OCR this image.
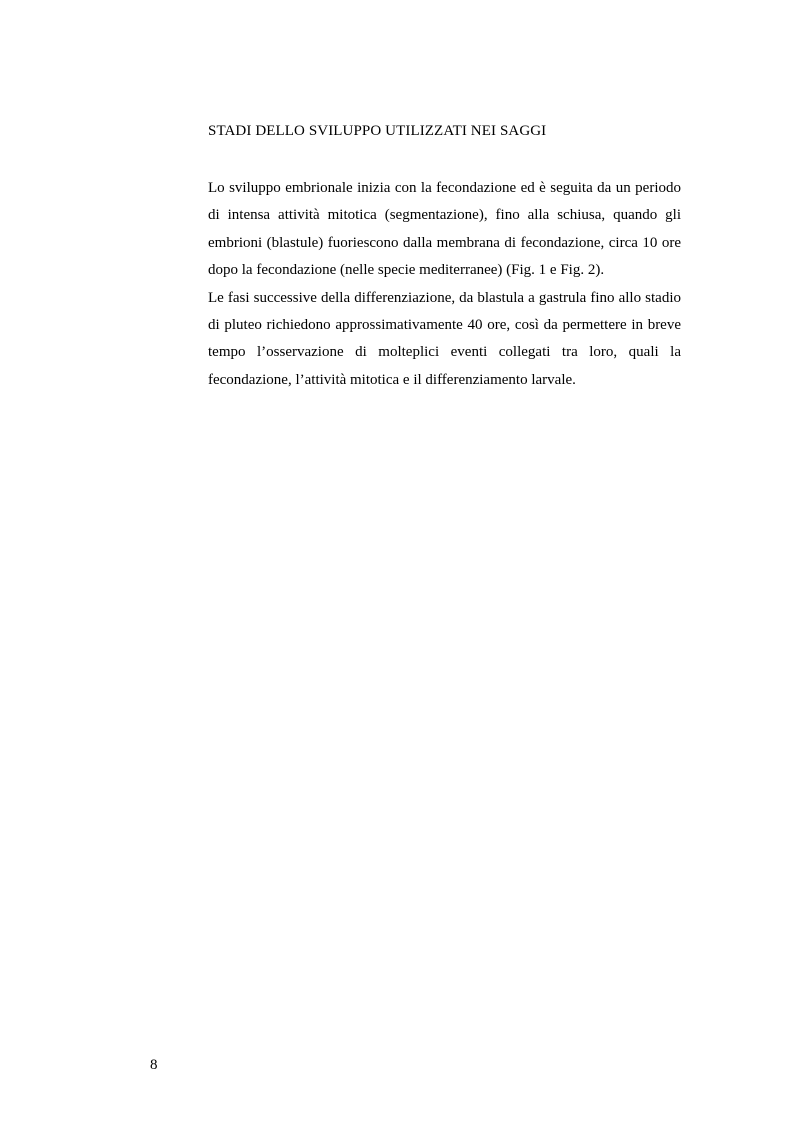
STADI DELLO SVILUPPO UTILIZZATI NEI SAGGI

Lo sviluppo embrionale inizia con la fecondazione ed è seguita da un periodo di intensa attività mitotica (segmentazione), fino alla schiusa, quando gli embrioni (blastule) fuoriescono dalla membrana di fecondazione, circa 10 ore dopo la fecondazione (nelle specie mediterranee) (Fig. 1 e Fig. 2).

Le fasi successive della differenziazione, da blastula a gastrula fino allo stadio di pluteo richiedono approssimativamente 40 ore, così da permettere in breve tempo l’osservazione di molteplici eventi collegati tra loro, quali la fecondazione, l’attività mitotica e il differenziamento larvale.

8
